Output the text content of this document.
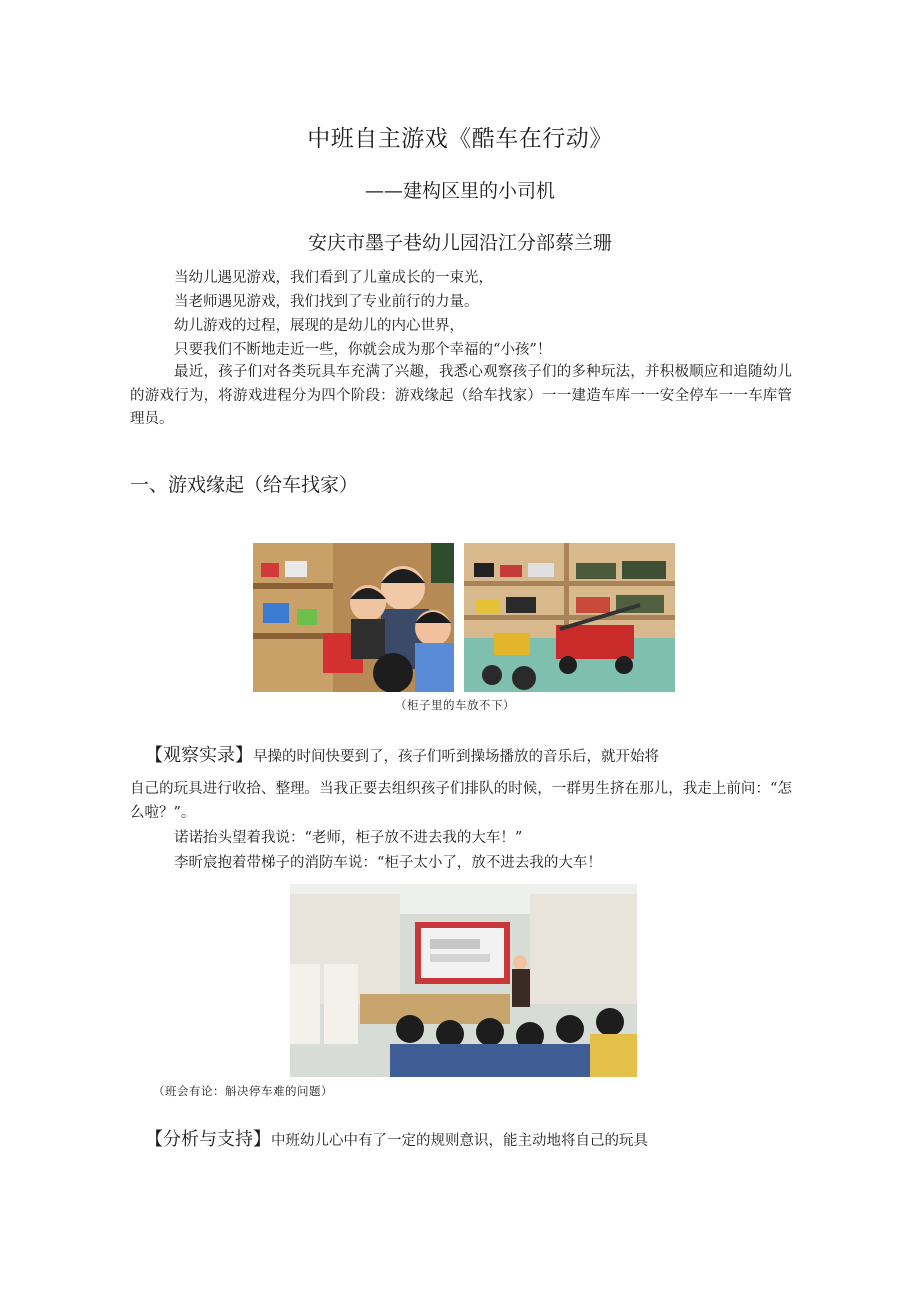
中班自主游戏《酷车在行动》
——建构区里的小司机
安庆市墨子巷幼儿园沿江分部蔡兰珊
当幼儿遇见游戏，我们看到了儿童成长的一束光，
当老师遇见游戏，我们找到了专业前行的力量。
幼儿游戏的过程，展现的是幼儿的内心世界，
只要我们不断地走近一些，你就会成为那个幸福的“小孩”！
最近，孩子们对各类玩具车充满了兴趣，我悉心观察孩子们的多种玩法，并积极顺应和追随幼儿的游戏行为，将游戏进程分为四个阶段：游戏缘起（给车找家）一一建造车库一一安全停车一一车库管理员。
一、游戏缘起（给车找家）
（柜子里的车放不下）
【观察实录】早操的时间快要到了，孩子们听到操场播放的音乐后，就开始将
自己的玩具进行收拾、整理。当我正要去组织孩子们排队的时候，一群男生挤在那儿，我走上前问：“怎么啦？”。
诺诺抬头望着我说：“老师，柜子放不进去我的大车！”
李昕宸抱着带梯子的消防车说：“柜子太小了，放不进去我的大车！
（班会有论：斛决停车难的问题）
【分析与支持】中班幼儿心中有了一定的规则意识，能主动地将自己的玩具
